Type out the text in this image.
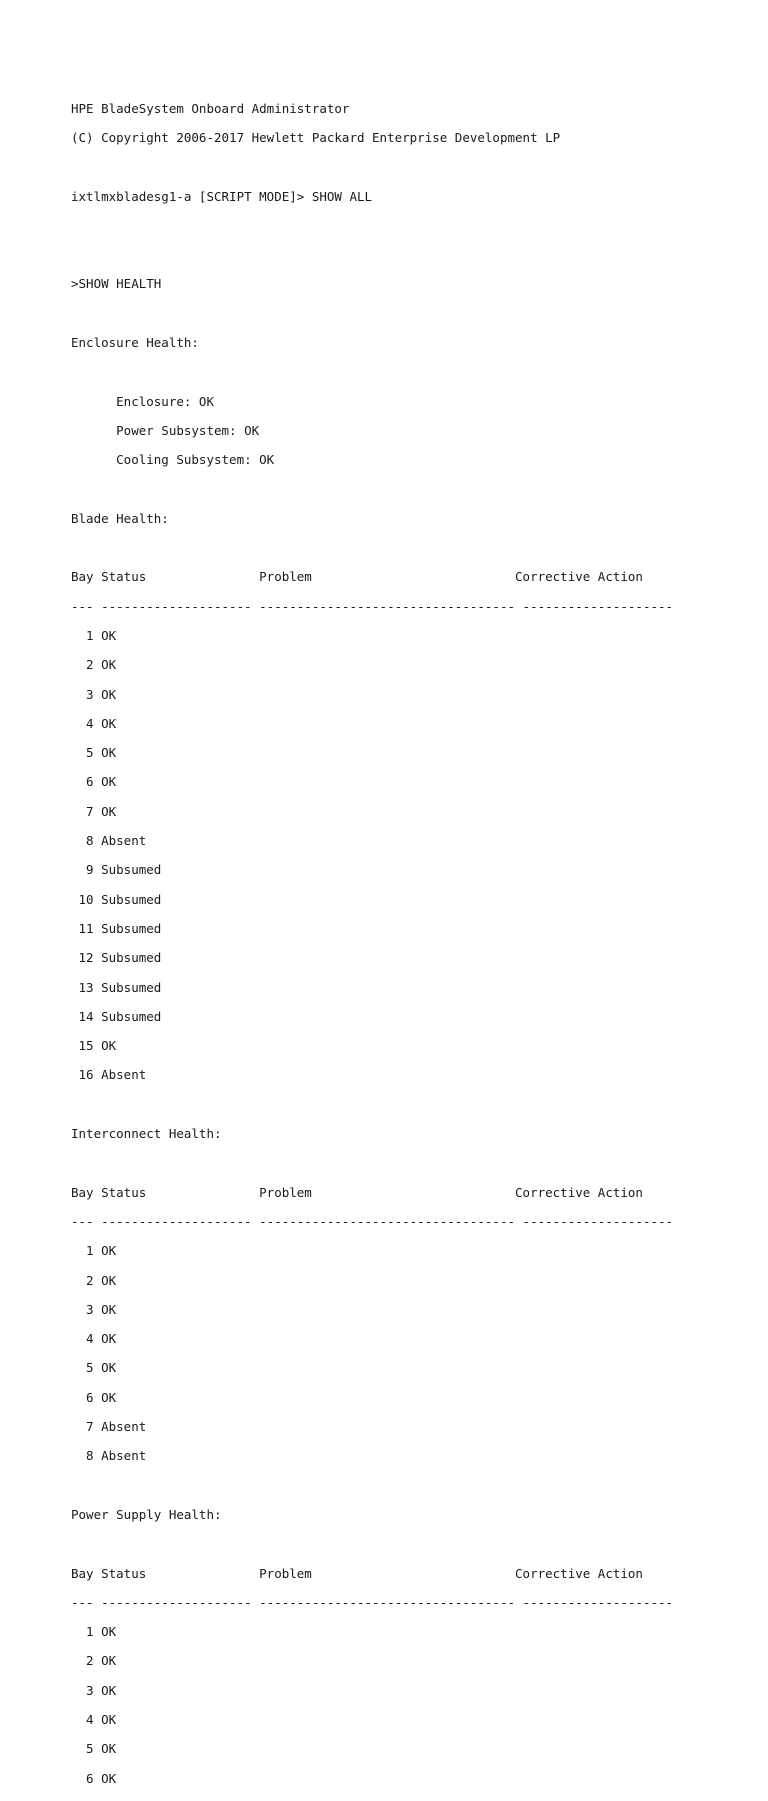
HPE BladeSystem Onboard Administrator

(C) Copyright 2006-2017 Hewlett Packard Enterprise Development LP

ixtlmxbladesg1-a [SCRIPT MODE]> SHOW ALL

>SHOW HEALTH

Enclosure Health:

Enclosure: OK

Power Subsystem: OK

Cooling Subsystem: OK

Blade Health:

Bay Status               Problem                           Corrective Action

--- -------------------- ---------------------------------- --------------------

1 OK

2 OK

3 OK

4 OK

5 OK

6 OK

7 OK

8 Absent

9 Subsumed

10 Subsumed

11 Subsumed

12 Subsumed

13 Subsumed

14 Subsumed

15 OK

16 Absent

Interconnect Health:

Bay Status               Problem                           Corrective Action

--- -------------------- ---------------------------------- --------------------

1 OK

2 OK

3 OK

4 OK

5 OK

6 OK

7 Absent

8 Absent

Power Supply Health:

Bay Status               Problem                           Corrective Action

--- -------------------- ---------------------------------- --------------------

1 OK

2 OK

3 OK

4 OK

5 OK

6 OK
